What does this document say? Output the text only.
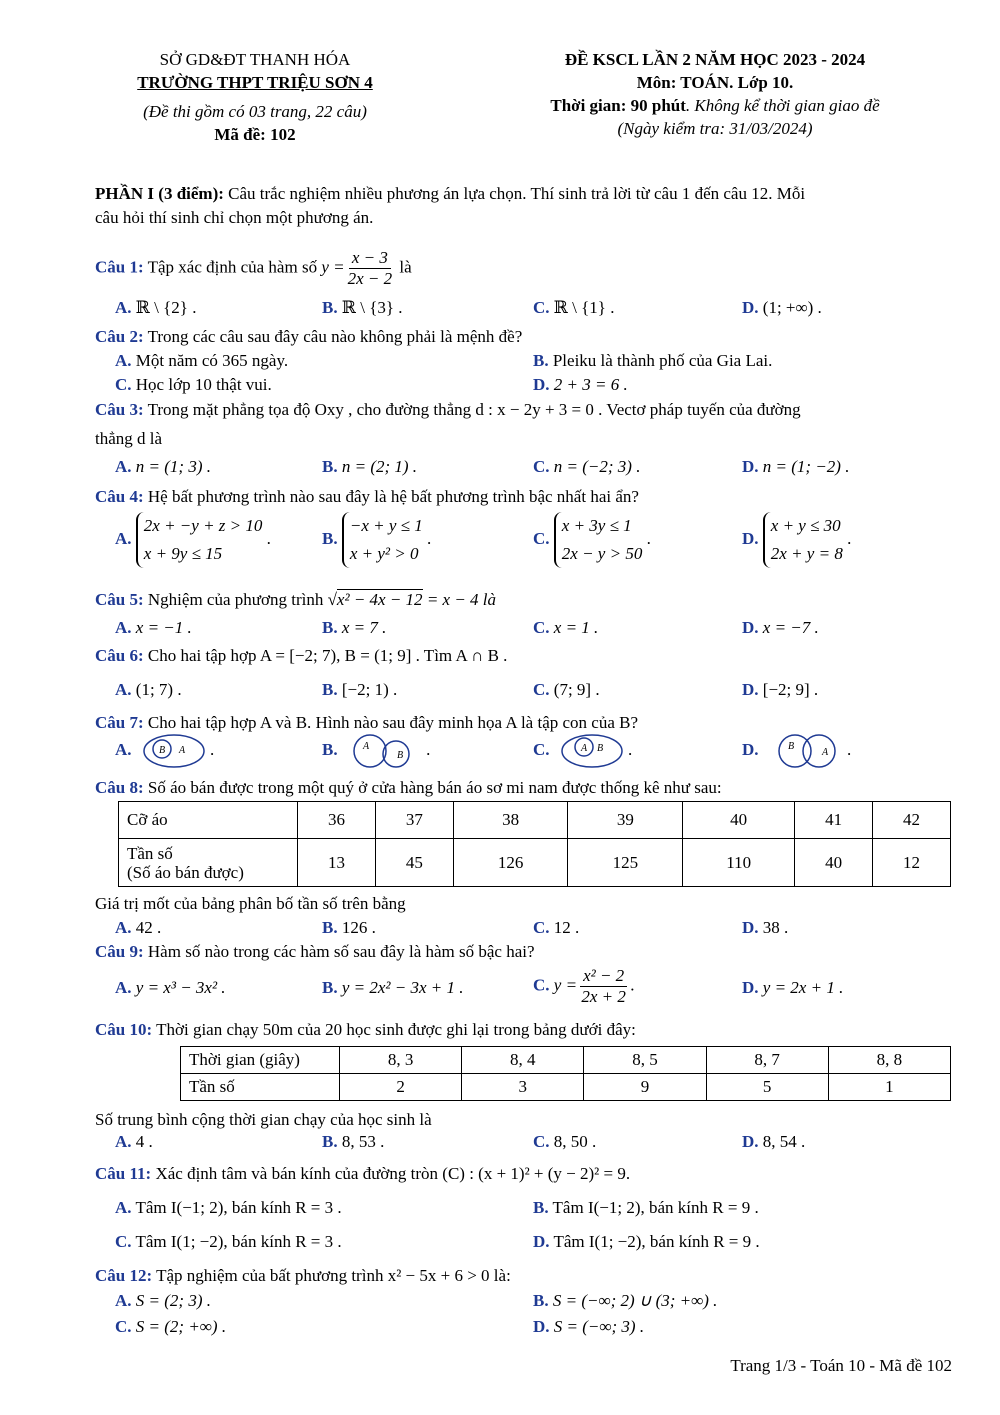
SỞ GD&ĐT THANH HÓA
TRƯỜNG THPT TRIỆU SƠN 4
(Đề thi gồm có 03 trang, 22 câu)
Mã đề: 102
ĐỀ KSCL LẦN 2 NĂM HỌC 2023 - 2024
Môn: TOÁN. Lớp 10.
Thời gian: 90 phút. Không kể thời gian giao đề
(Ngày kiểm tra: 31/03/2024)
PHẦN I (3 điểm): Câu trắc nghiệm nhiều phương án lựa chọn. Thí sinh trả lời từ câu 1 đến câu 12. Mỗi
câu hỏi thí sinh chỉ chọn một phương án.
Câu 1: Tập xác định của hàm số $y = \frac{x - 3}{2x - 2}$ là
A. ℝ \ {2} .	B. ℝ \ {3} .	C. ℝ \ {1} .	D. (1; +∞) .
Câu 2: Trong các câu sau đây câu nào không phải là mệnh đề?
A. Một năm có 365 ngày.	B. Pleiku là thành phố của Gia Lai.
C. Học lớp 10 thật vui.	D. 2 + 3 = 6 .
Câu 3: Trong mặt phẳng tọa độ Oxy , cho đường thẳng d : x − 2y + 3 = 0 . Vectơ pháp tuyến của đường
thẳng d là
A. n = (1; 3) .	B. n = (2; 1) .	C. n = (−2; 3) .	D. n = (1; −2) .
Câu 4: Hệ bất phương trình nào sau đây là hệ bất phương trình bậc nhất hai ẩn?
A.
2x + −y + z > 10
x + 9y ≤ 15
.	B.
−x + y ≤ 1
x + y² > 0
.	C.
x + 3y ≤ 1
2x − y > 50
.	D.
x + y ≤ 30
2x + y = 8
.
Câu 5: Nghiệm của phương trình √x² − 4x − 12 = x − 4 là
A. x = −1 .	B. x = 7 .	C. x = 1 .	D. x = −7 .
Câu 6: Cho hai tập hợp A = [−2; 7), B = (1; 9] . Tìm A ∩ B .
A. (1; 7) .	B. [−2; 1) .	C. (7; 9] .	D. [−2; 9] .
Câu 7: Cho hai tập hợp A và B. Hình nào sau đây minh họa A là tập con của B?
A.	B A .	B.	A
B .	C.	A B .	D.	B
A .
Câu 8: Số áo bán được trong một quý ở cửa hàng bán áo sơ mi nam được thống kê như sau:
Cỡ áo	36	37	38	39	40	41	42

Tần số
(Số áo bán được)	13	45	126	125	110	40	12
Giá trị mốt của bảng phân bố tần số trên bằng
A. 42 .	B. 126 .	C. 12 .	D. 38 .
Câu 9: Hàm số nào trong các hàm số sau đây là hàm số bậc hai?
A. y = x³ − 3x² .	B. y = 2x² − 3x + 1 .	C. $y = \frac{\text{x² − 2}}{2x + 2}$ .	D. y = 2x + 1 .
Câu 10: Thời gian chạy 50m của 20 học sinh được ghi lại trong bảng dưới đây:
Thời gian (giây)	8, 3	8, 4	8, 5	8, 7	8, 8
Tần số	2	3	9	5	1
Số trung bình cộng thời gian chạy của học sinh là
A. 4 .	B. 8, 53 .	C. 8, 50 .	D. 8, 54 .
Câu 11: Xác định tâm và bán kính của đường tròn (C) : (x + 1)² + (y − 2)² = 9.
A. Tâm I(−1; 2), bán kính R = 3 .	B. Tâm I(−1; 2), bán kính R = 9 .
C. Tâm I(1; −2), bán kính R = 3 .	D. Tâm I(1; −2), bán kính R = 9 .
Câu 12: Tập nghiệm của bất phương trình x² − 5x + 6 > 0 là:
A. S = (2; 3) .	B. S = (−∞; 2) ∪ (3; +∞) .
C. S = (2; +∞) .	D. S = (−∞; 3) .
Trang 1/3 - Toán 10 - Mã đề 102
